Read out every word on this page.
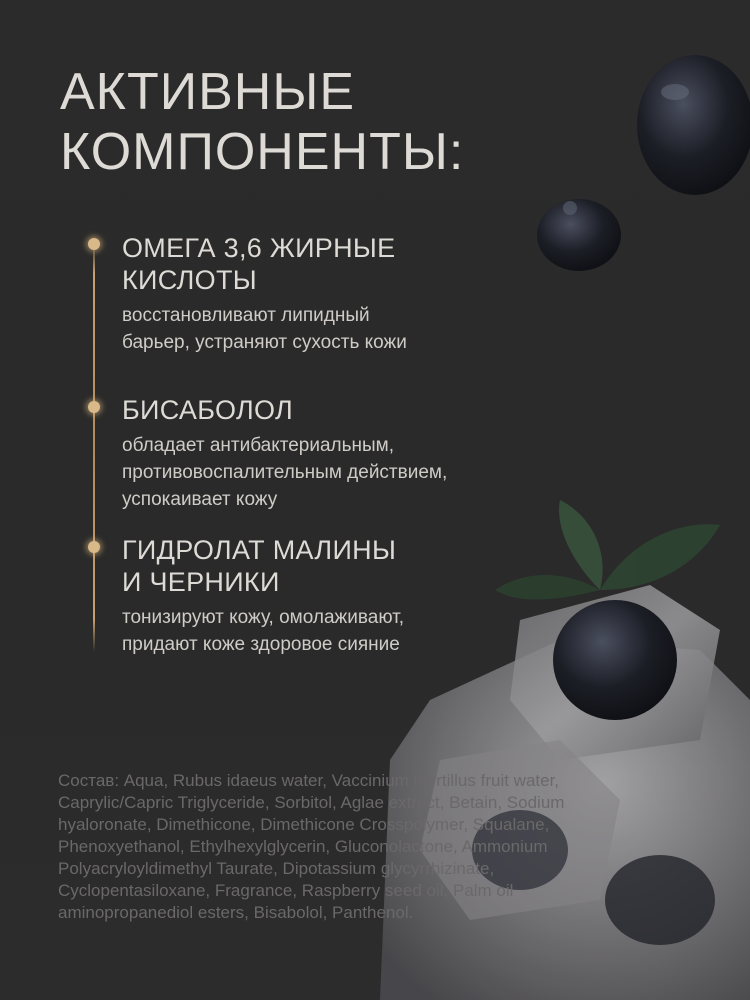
АКТИВНЫЕ
КОМПОНЕНТЫ:
ОМЕГА 3,6 ЖИРНЫЕ
КИСЛОТЫ
восстановливают липидный
барьер, устраняют сухость кожи
БИСАБОЛОЛ
обладает антибактериальным,
противовоспалительным действием,
успокаивает кожу
ГИДРОЛАТ МАЛИНЫ
И ЧЕРНИКИ
тонизируют кожу, омолаживают,
придают коже здоровое сияние
Состав: Aqua, Rubus idaeus water, Vaccinium myrtillus fruit water,
Caprylic/Capric Triglyceride, Sorbitol, Aglae extract, Betain, Sodium
hyaloronate, Dimethicone, Dimethicone Crosspolymer, Squalane,
Phenoxyethanol, Ethylhexylglycerin, Gluconolactone, Ammonium
Polyacryloyldimethyl Taurate, Dipotassium glycyrrhizinate,
Cyclopentasiloxane, Fragrance, Raspberry seed oil, Palm oil
aminopropanediol esters, Bisabolol, Panthenol.
